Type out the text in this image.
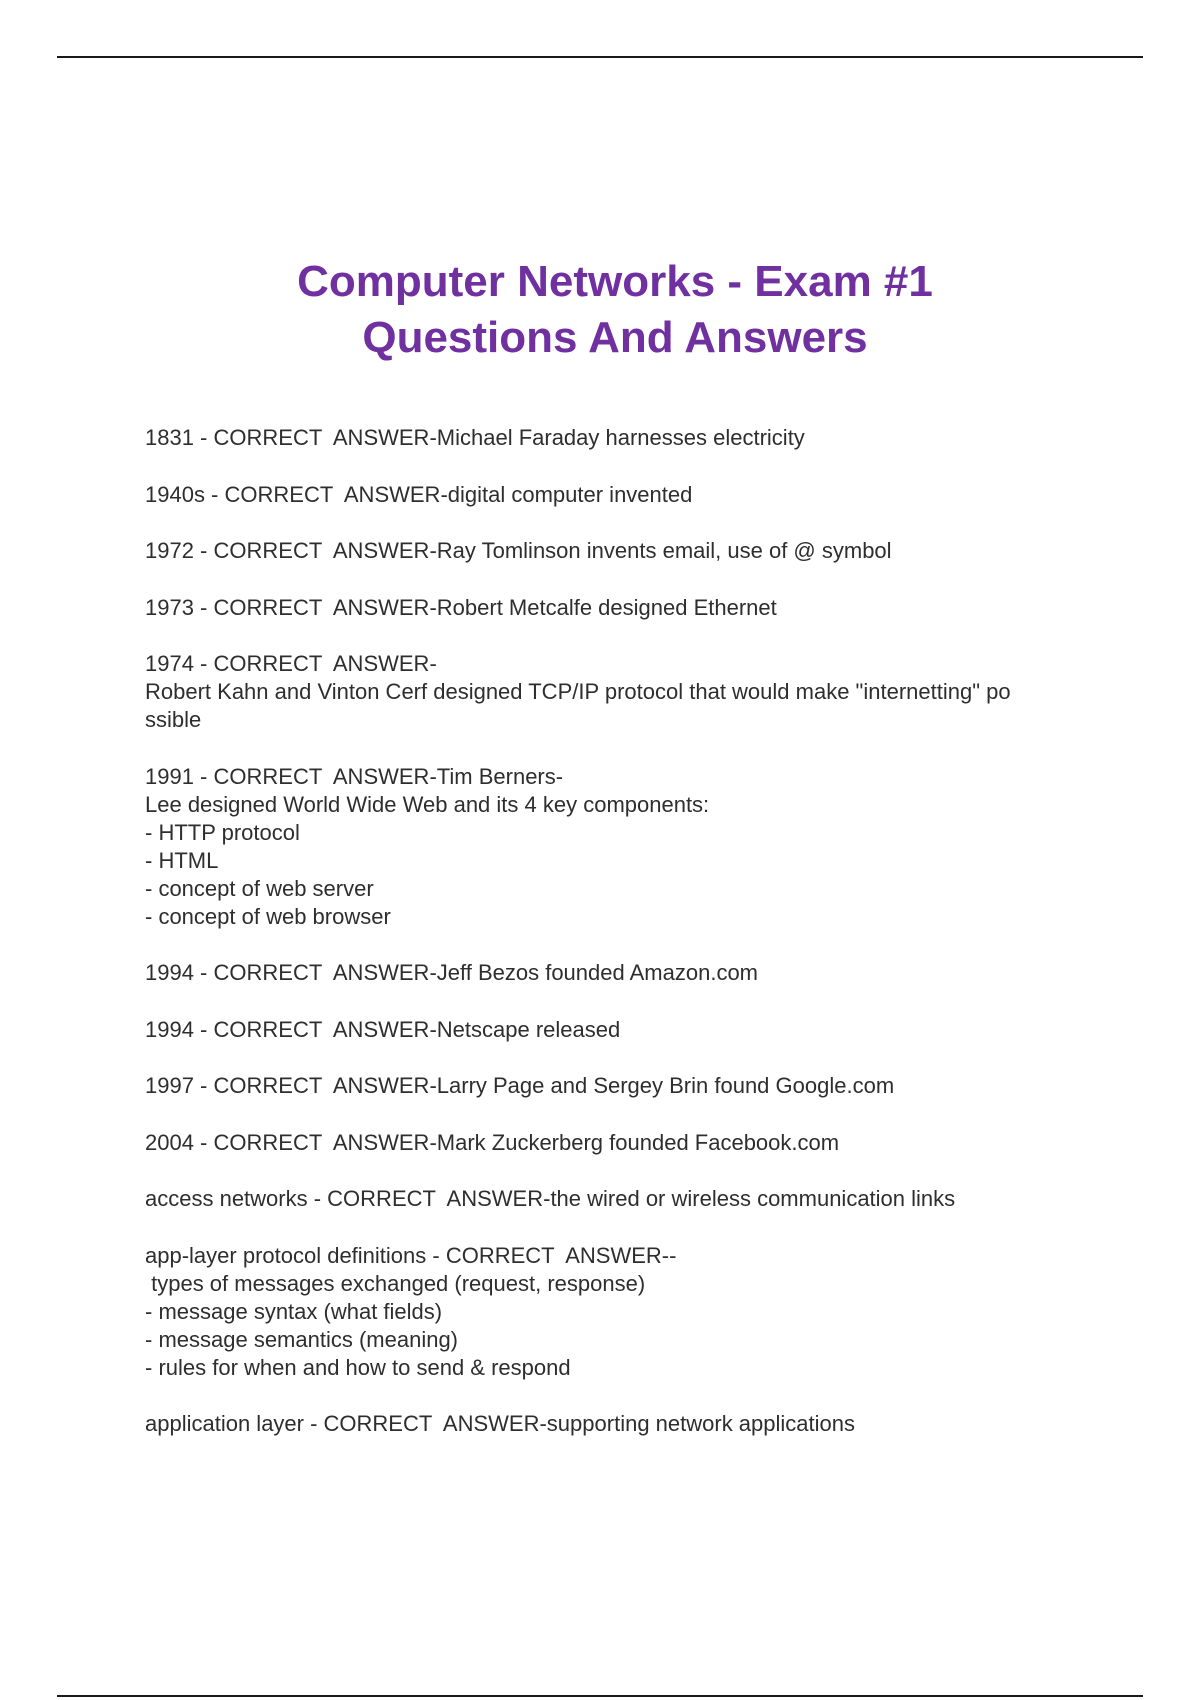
Computer Networks - Exam #1
Questions And Answers
1831 - CORRECT  ANSWER-Michael Faraday harnesses electricity
1940s - CORRECT  ANSWER-digital computer invented
1972 - CORRECT  ANSWER-Ray Tomlinson invents email, use of @ symbol
1973 - CORRECT  ANSWER-Robert Metcalfe designed Ethernet
1974 - CORRECT  ANSWER-
Robert Kahn and Vinton Cerf designed TCP/IP protocol that would make "internetting" po
ssible
1991 - CORRECT  ANSWER-Tim Berners-
Lee designed World Wide Web and its 4 key components:
- HTTP protocol
- HTML
- concept of web server
- concept of web browser
1994 - CORRECT  ANSWER-Jeff Bezos founded Amazon.com
1994 - CORRECT  ANSWER-Netscape released
1997 - CORRECT  ANSWER-Larry Page and Sergey Brin found Google.com
2004 - CORRECT  ANSWER-Mark Zuckerberg founded Facebook.com
access networks - CORRECT  ANSWER-the wired or wireless communication links
app-layer protocol definitions - CORRECT  ANSWER--
types of messages exchanged (request, response)
- message syntax (what fields)
- message semantics (meaning)
- rules for when and how to send & respond
application layer - CORRECT  ANSWER-supporting network applications
